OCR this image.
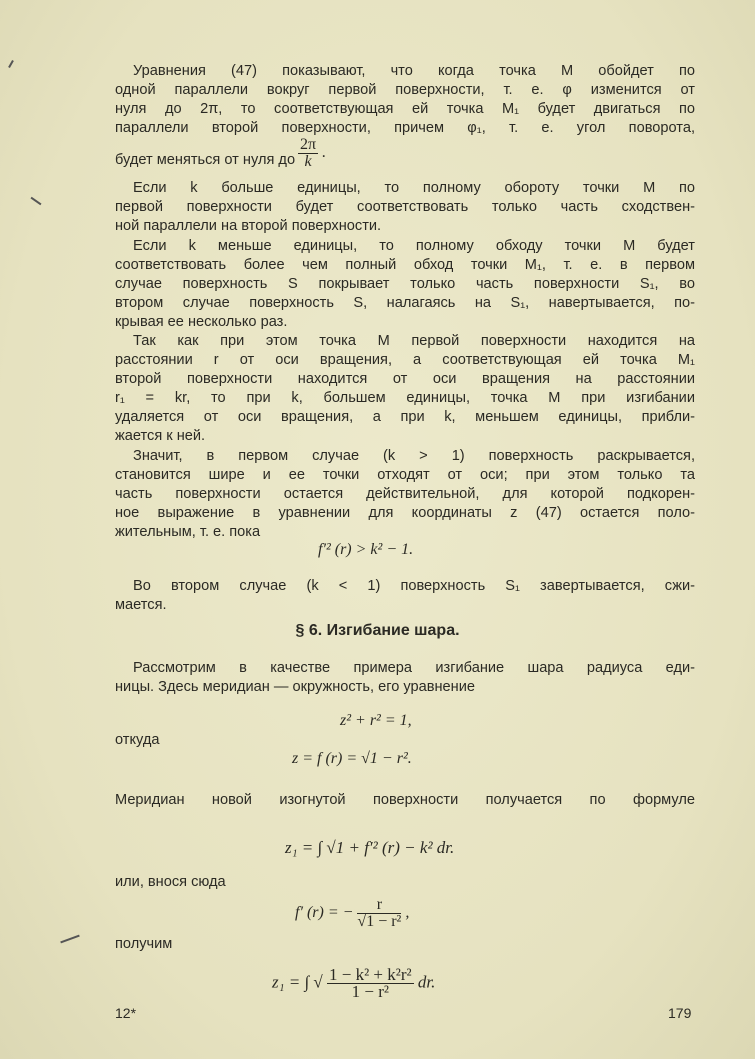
Уравнения (47) показывают, что когда точка M обойдет по
одной параллели вокруг первой поверхности, т. е. φ изменится от
нуля до 2π, то соответствующая ей точка M₁ будет двигаться по
параллели второй поверхности, причем φ₁, т. е. угол поворота,
будет меняться от нуля до $\frac{2\pi}{k}$ .
Если k больше единицы, то полному обороту точки M по
первой поверхности будет соответствовать только часть сходствен-
ной параллели на второй поверхности.
Если k меньше единицы, то полному обходу точки M будет
соответствовать более чем полный обход точки M₁, т. е. в первом
случае поверхность S покрывает только часть поверхности S₁, во
втором случае поверхность S, налагаясь на S₁, навертывается, по-
крывая ее несколько раз.
Так как при этом точка M первой поверхности находится на
расстоянии r от оси вращения, а соответствующая ей точка M₁
второй поверхности находится от оси вращения на расстоянии
r₁ = kr, то при k, большем единицы, точка M при изгибании
удаляется от оси вращения, а при k, меньшем единицы, прибли-
жается к ней.
Значит, в первом случае (k > 1) поверхность раскрывается,
становится шире и ее точки отходят от оси; при этом только та
часть поверхности остается действительной, для которой подкорен-
ное выражение в уравнении для координаты z (47) остается поло-
жительным, т. е. пока
f′² (r) > k² − 1.
Во втором случае (k < 1) поверхность S₁ завертывается, сжи-
мается.
§ 6. Изгибание шара.
Рассмотрим в качестве примера изгибание шара радиуса еди-
ницы. Здесь меридиан — окружность, его уравнение
z² + r² = 1,
откуда
z = f (r) = √1 − r².
Меридиан новой изогнутой поверхности получается по формуле
z₁ = ∫ √1 + f′² (r) − k² dr.
или, внося сюда
f′ (r) = − $\frac{r}{\text{√1 − r²}}$ ,
получим
z₁ = ∫ √ $\frac{\text{1 − k² + k²r²}}{\text{1 − r²}}$ dr.
12*	179
